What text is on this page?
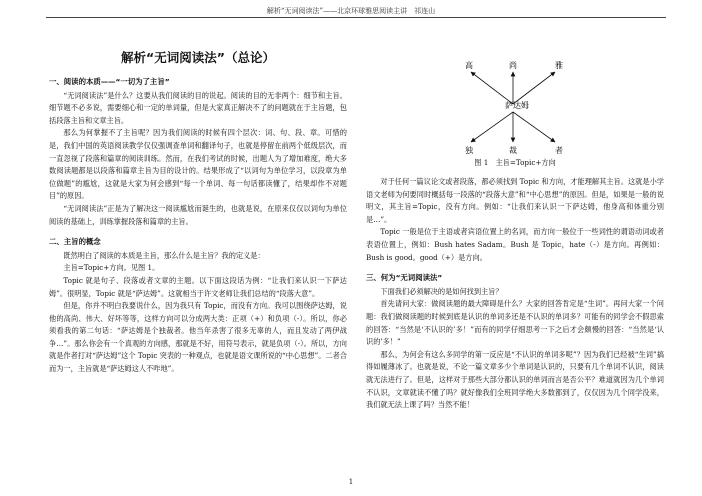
解析“无词阅读法”——北京环球雅思阅读主讲　祁连山
解析“无词阅读法”（总论）
一、阅读的本质——“一切为了主旨”

“无词阅读法”是什么？这要从我们阅读的目的说起。阅读的目的无非两个：细节和主旨。细节题不必多说，需要细心和一定的单词量，但是大家真正解决不了的问题就在于主旨题，包括段落主旨和文章主旨。

那么为何掌握不了主旨呢？因为我们阅读的时候有四个层次：词、句、段、章。可惜的是，我们中国的英语阅读教学仅仅强调查单词和翻译句子，也就是停留在前两个低级层次，而一直忽视了段落和篇章的阅读训练。然而，在我们考试的时候，出题人为了增加难度，绝大多数阅读题都是以段落和篇章主旨为目的设计的。结果形成了“以词句为单位学习，以段章为单位做题”的尴尬，这就是大家为何会感到“每一个单词、每一句话都读懂了，结果却作不对题目”的原因。

“无词阅读法”正是为了解决这一阅读尴尬而诞生的，也就是说，在原来仅仅以词句为单位阅读的基础上，训练掌握段落和篇章的主旨。

二、主旨的概念

既然明白了阅读的本质是主旨，那么什么是主旨？我的定义是：

主旨=Topic+方向。见图 1。

Topic 就是句子、段落或者文章的主题。以下面这段话为例：“让我们来认识一下萨达姆”。很明显，Topic 就是“萨达姆”。这就相当于许文老师让我们总结的“段落大意”。

但是，你并不明白我要说什么，因为我只有 Topic，而没有方向。我可以围绕萨达姆，说他的高尚、伟大、好坏等等，这样方向可以分成两大类：正项（+）和负项（-）。所以，你必须看我的第二句话：“萨达姆是个独裁者。他当年杀害了很多无辜的人，而且发动了两伊战争…”。那么你会有一个真观的方向感，那就是不好，用符号表示，就是负项（-）。所以，方向就是作者打对“萨达姆”这个 Topic 突表的一种观点，也就是语文课所说的“中心思想”。二者合而为一，主旨就是“萨达姆这人不咋地”。

高	尚	雅
萨达姆
独	裁	者
图 1　主旨=Topic+方向

对于任何一篇议论文或者段落，都必须找到 Topic 和方向，才能理解其主旨。这就是小学语文老师为何要同时概括每一段落的“段落大意”和“中心思想”的原因。但是，如果是一般的说明文，其主旨=Topic，没有方向。例如：“让我们来认识一下萨达姆，他身高和体重分别是…”。

Topic 一般是位于主语或者宾语位置上的名词，而方向一般位于一些词性的谓语动词或者表语位置上，例如：Bush hates Sadam。Bush 是 Topic，hate（-）是方向。再例如：Bush is good。good（+）是方向。

三、何为“无词阅读法”

下面我们必须解决的是如何找到主旨？

首先请问大家：做阅读题的最大障碍是什么？大家的回答肯定是“生词”。再问大家一个问题：我们做阅读题的时候到底是认识的单词多还是不认识的单词多？可能有的同学会不假思索的回答：“当然是‘不认识的’多！”而有的同学仔细思考一下之后才会颇慢的回答：“当然是‘认识的’多！”

那么，为何会有这么多同学的第一反应是“不认识的单词多呢”？因为我们已经被“生词”搞得如履薄冰了。也就是说，不论一篇文章多少个单词是认识的，只要有几个单词不认识，阅读就无法进行了。但是，这样对于那些大部分都认识的单词而言是否公平？难道就因为几个单词不认识，文章就读不懂了吗？就好像我们全班同学绝大多数都到了，仅仅因为几个同学没来，我们就无法上课了吗？当然不能！

1
